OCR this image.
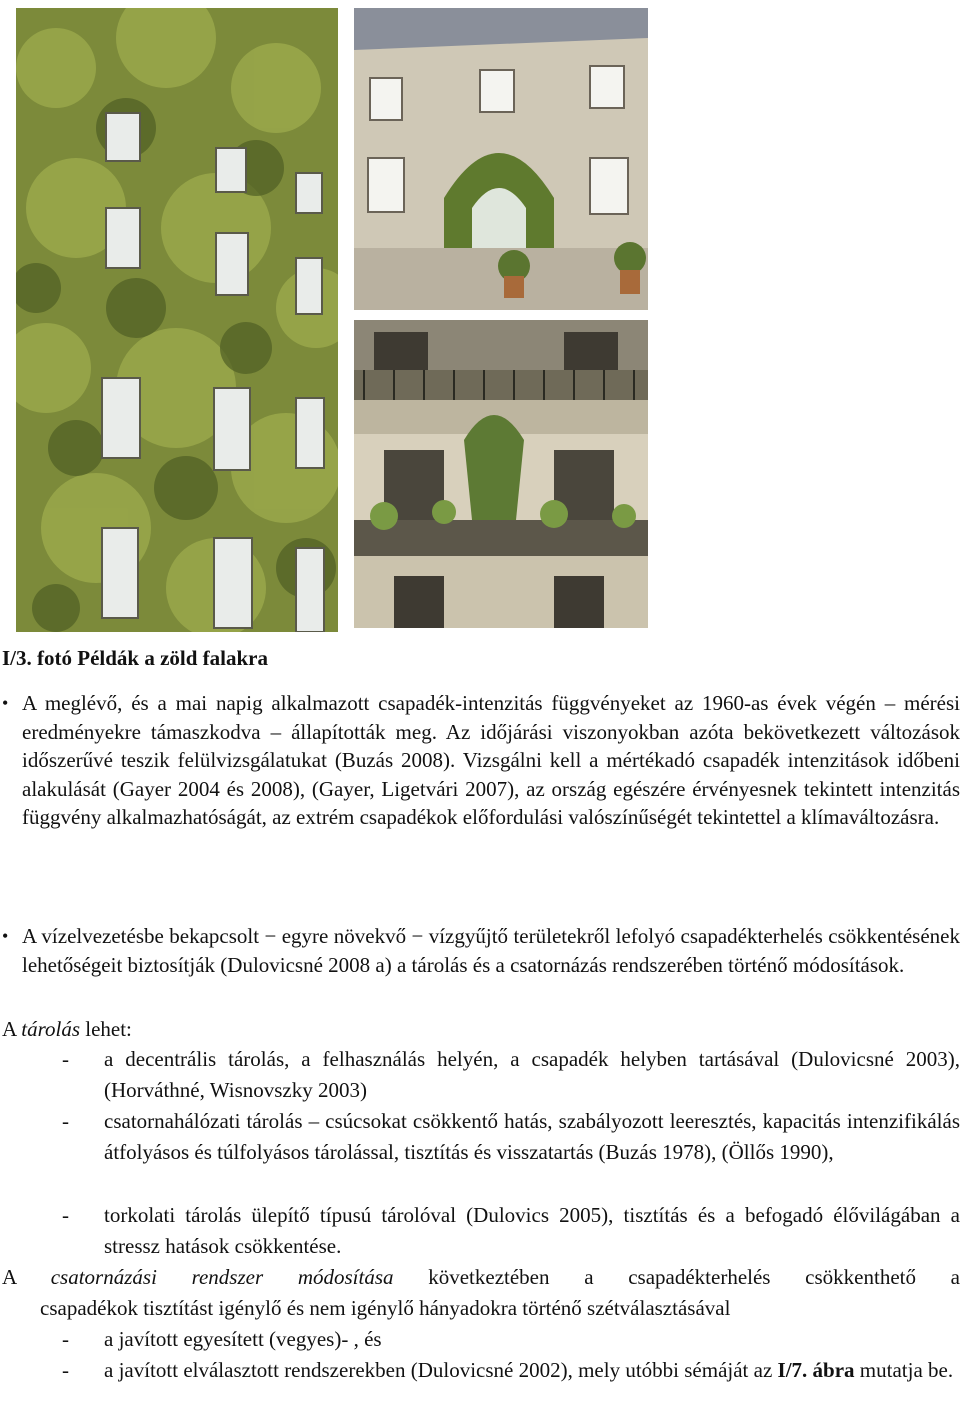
I/3. fotó Példák a zöld falakra
• A meglévő, és a mai napig alkalmazott csapadék-intenzitás függvényeket az 1960-as évek végén – mérési eredményekre támaszkodva – állapították meg. Az időjárási viszonyokban azóta bekövetkezett változások időszerűvé teszik felülvizsgálatukat (Buzás 2008). Vizsgálni kell a mértékadó csapadék intenzitások időbeni alakulását (Gayer 2004 és 2008), (Gayer, Ligetvári 2007), az ország egészére érvényesnek tekintett intenzitás függvény alkalmazhatóságát, az extrém csapadékok előfordulási valószínűségét tekintettel a klímaváltozásra.
• A vízelvezetésbe bekapcsolt − egyre növekvő − vízgyűjtő területekről lefolyó csapadékterhelés csökkentésének lehetőségeit biztosítják (Dulovicsné 2008 a) a tárolás és a csatornázás rendszerében történő módosítások.
A tárolás lehet:
- a decentrális tárolás, a felhasználás helyén, a csapadék helyben tartásával (Dulovicsné 2003), (Horváthné, Wisnovszky 2003)
- csatornahálózati tárolás – csúcsokat csökkentő hatás, szabályozott leeresztés, kapacitás intenzifikálás átfolyásos és túlfolyásos tárolással, tisztítás és visszatartás (Buzás 1978), (Öllős 1990),
- torkolati tárolás ülepítő típusú tárolóval (Dulovics 2005), tisztítás és a befogadó élővilágában a stressz hatások csökkentése.
A csatornázási rendszer módosítása következtében a csapadékterhelés csökkenthető a
csapadékok tisztítást igénylő és nem igénylő hányadokra történő szétválasztásával
- a javított egyesített (vegyes)- , és
- a javított elválasztott rendszerekben (Dulovicsné 2002), mely utóbbi sémáját az I/7. ábra mutatja be.
